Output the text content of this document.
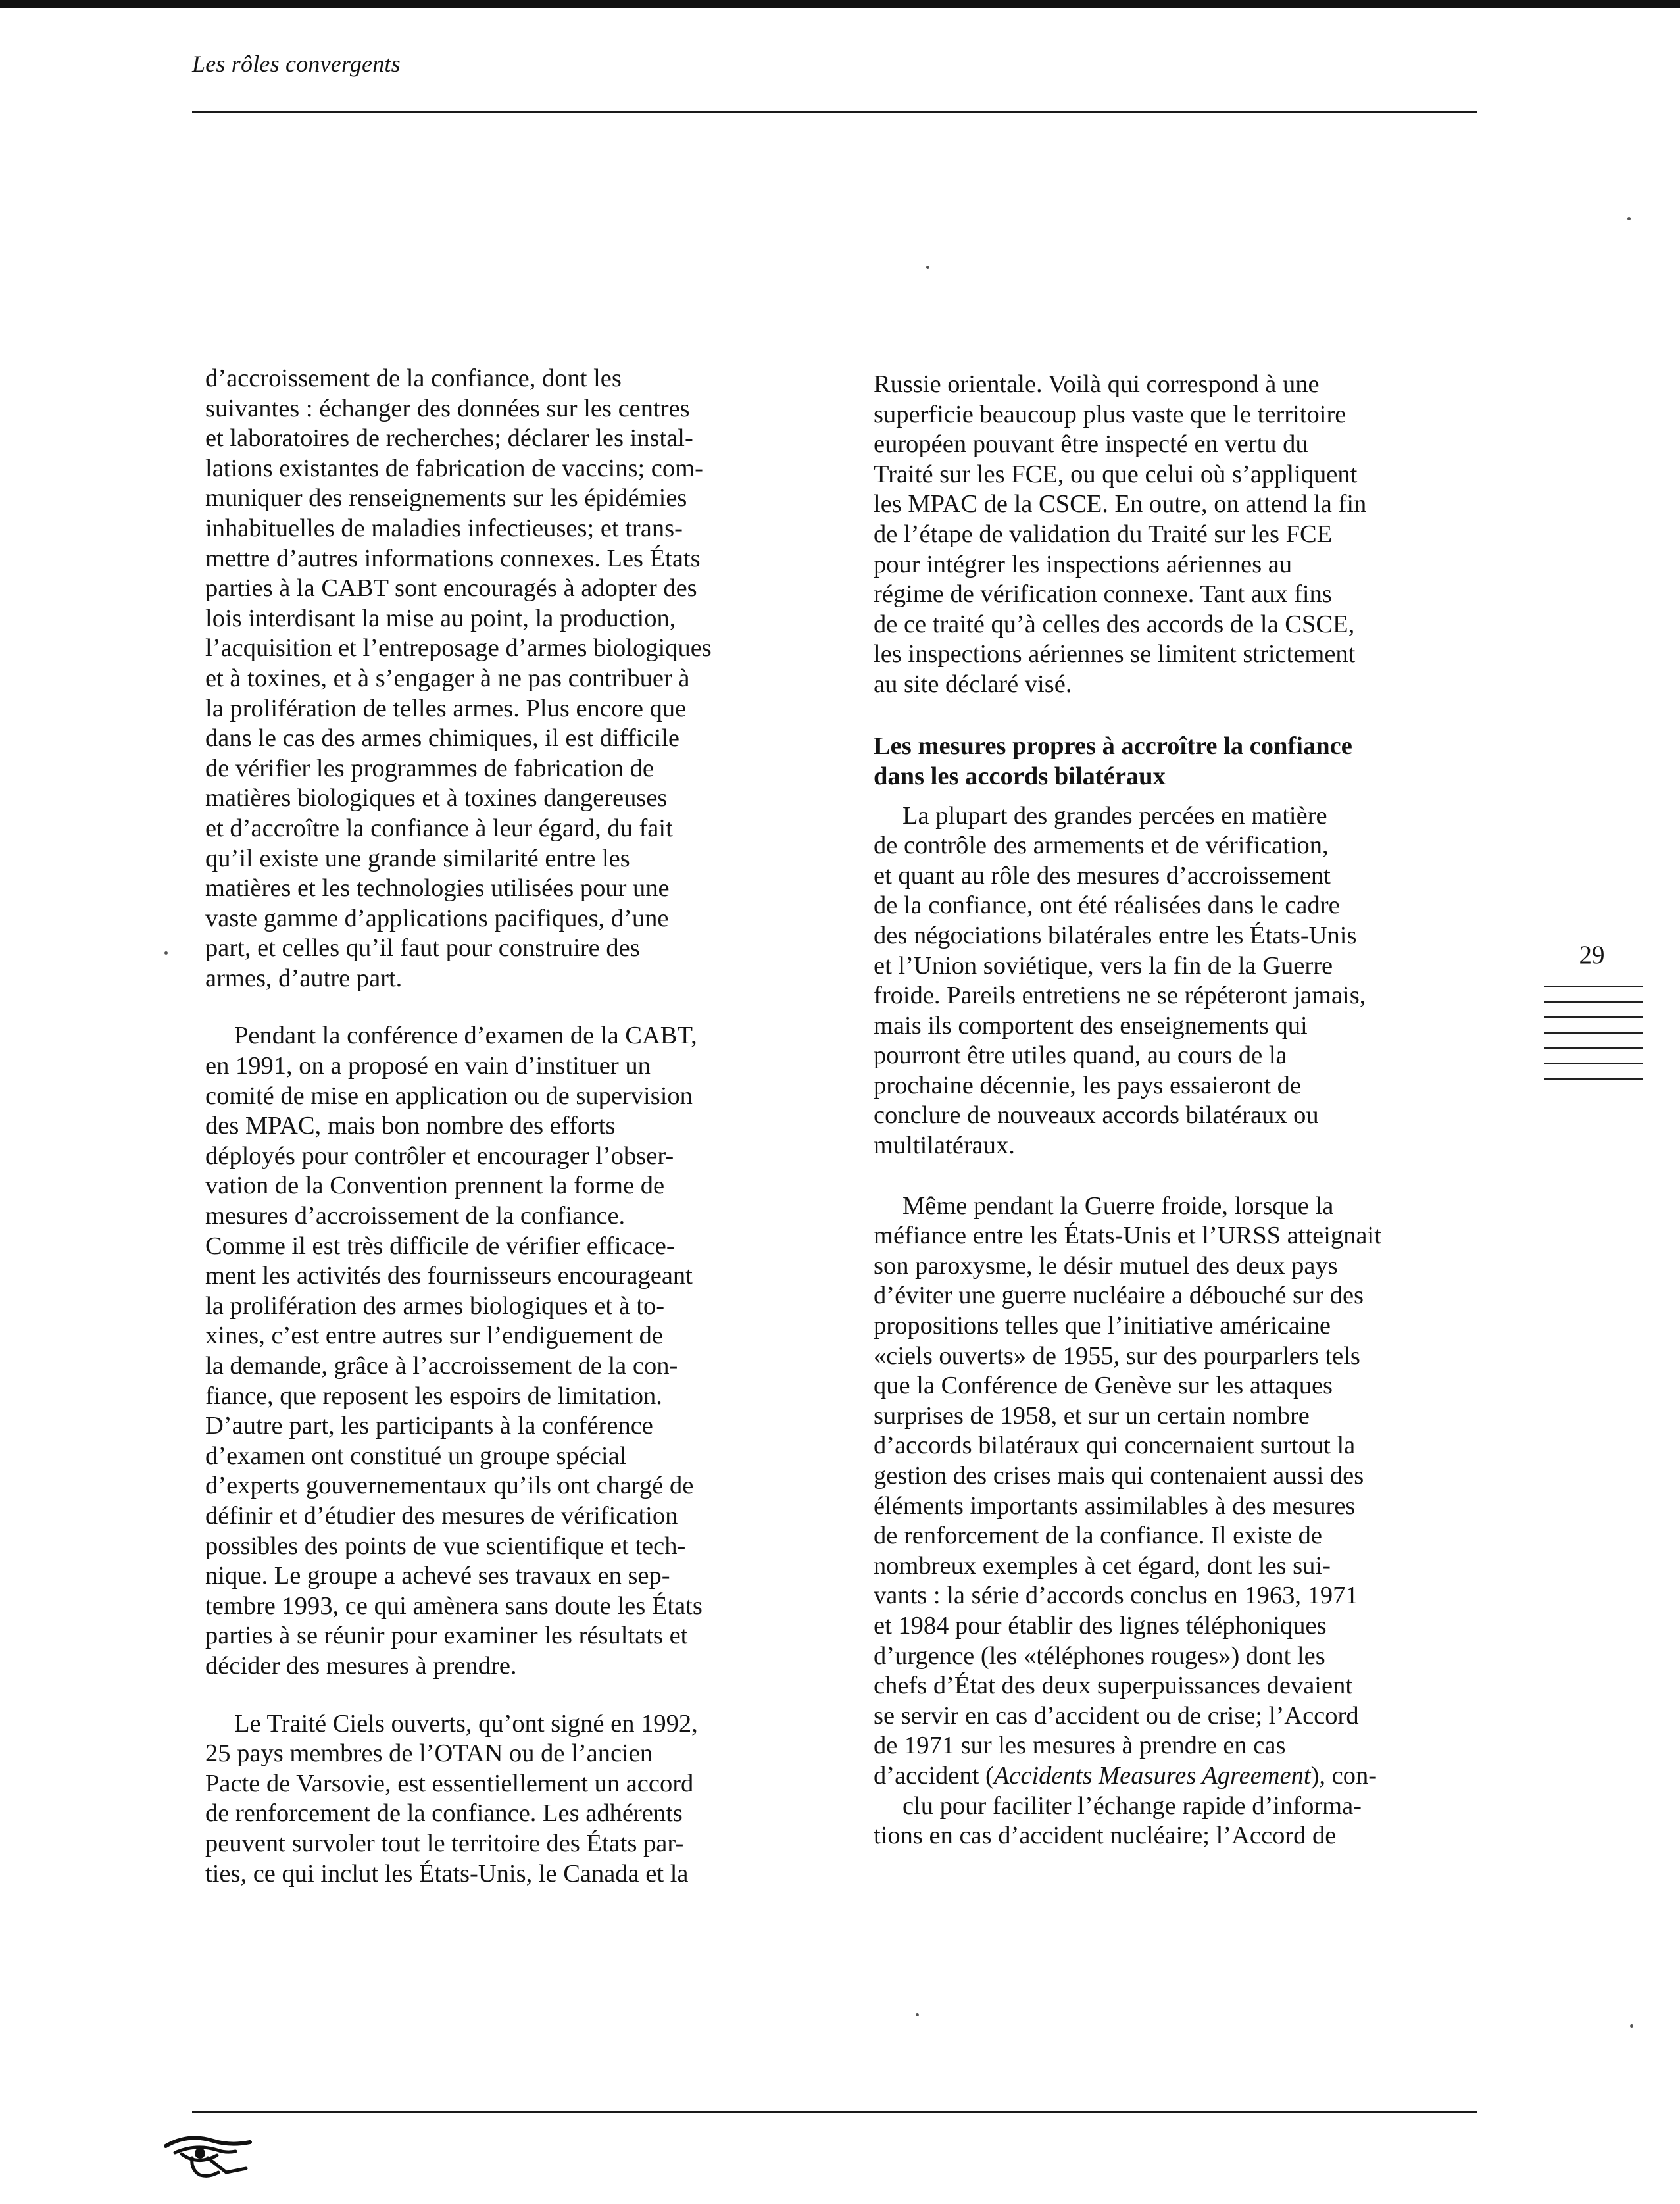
Les rôles convergents
d’accroissement de la confiance, dont les
suivantes : échanger des données sur les centres
et laboratoires de recherches; déclarer les instal-
lations existantes de fabrication de vaccins; com-
muniquer des renseignements sur les épidémies
inhabituelles de maladies infectieuses; et trans-
mettre d’autres informations connexes. Les États
parties à la CABT sont encouragés à adopter des
lois interdisant la mise au point, la production,
l’acquisition et l’entreposage d’armes biologiques
et à toxines, et à s’engager à ne pas contribuer à
la prolifération de telles armes. Plus encore que
dans le cas des armes chimiques, il est difficile
de vérifier les programmes de fabrication de
matières biologiques et à toxines dangereuses
et d’accroître la confiance à leur égard, du fait
qu’il existe une grande similarité entre les
matières et les technologies utilisées pour une
vaste gamme d’applications pacifiques, d’une
part, et celles qu’il faut pour construire des
armes, d’autre part.
Pendant la conférence d’examen de la CABT,
en 1991, on a proposé en vain d’instituer un
comité de mise en application ou de supervision
des MPAC, mais bon nombre des efforts
déployés pour contrôler et encourager l’obser-
vation de la Convention prennent la forme de
mesures d’accroissement de la confiance.
Comme il est très difficile de vérifier efficace-
ment les activités des fournisseurs encourageant
la prolifération des armes biologiques et à to-
xines, c’est entre autres sur l’endiguement de
la demande, grâce à l’accroissement de la con-
fiance, que reposent les espoirs de limitation.
D’autre part, les participants à la conférence
d’examen ont constitué un groupe spécial
d’experts gouvernementaux qu’ils ont chargé de
définir et d’étudier des mesures de vérification
possibles des points de vue scientifique et tech-
nique. Le groupe a achevé ses travaux en sep-
tembre 1993, ce qui amènera sans doute les États
parties à se réunir pour examiner les résultats et
décider des mesures à prendre.
Le Traité Ciels ouverts, qu’ont signé en 1992,
25 pays membres de l’OTAN ou de l’ancien
Pacte de Varsovie, est essentiellement un accord
de renforcement de la confiance. Les adhérents
peuvent survoler tout le territoire des États par-
ties, ce qui inclut les États-Unis, le Canada et la
Russie orientale. Voilà qui correspond à une
superficie beaucoup plus vaste que le territoire
européen pouvant être inspecté en vertu du
Traité sur les FCE, ou que celui où s’appliquent
les MPAC de la CSCE. En outre, on attend la fin
de l’étape de validation du Traité sur les FCE
pour intégrer les inspections aériennes au
régime de vérification connexe. Tant aux fins
de ce traité qu’à celles des accords de la CSCE,
les inspections aériennes se limitent strictement
au site déclaré visé.
Les mesures propres à accroître la confiance
dans les accords bilatéraux
La plupart des grandes percées en matière
de contrôle des armements et de vérification,
et quant au rôle des mesures d’accroissement
de la confiance, ont été réalisées dans le cadre
des négociations bilatérales entre les États-Unis
et l’Union soviétique, vers la fin de la Guerre
froide. Pareils entretiens ne se répéteront jamais,
mais ils comportent des enseignements qui
pourront être utiles quand, au cours de la
prochaine décennie, les pays essaieront de
conclure de nouveaux accords bilatéraux ou
multilatéraux.
Même pendant la Guerre froide, lorsque la
méfiance entre les États-Unis et l’URSS atteignait
son paroxysme, le désir mutuel des deux pays
d’éviter une guerre nucléaire a débouché sur des
propositions telles que l’initiative américaine
«ciels ouverts» de 1955, sur des pourparlers tels
que la Conférence de Genève sur les attaques
surprises de 1958, et sur un certain nombre
d’accords bilatéraux qui concernaient surtout la
gestion des crises mais qui contenaient aussi des
éléments importants assimilables à des mesures
de renforcement de la confiance. Il existe de
nombreux exemples à cet égard, dont les sui-
vants : la série d’accords conclus en 1963, 1971
et 1984 pour établir des lignes téléphoniques
d’urgence (les «téléphones rouges») dont les
chefs d’État des deux superpuissances devaient
se servir en cas d’accident ou de crise; l’Accord
de 1971 sur les mesures à prendre en cas
d’accident (Accidents Measures Agreement), con-
clu pour faciliter l’échange rapide d’informa-
tions en cas d’accident nucléaire; l’Accord de
29
